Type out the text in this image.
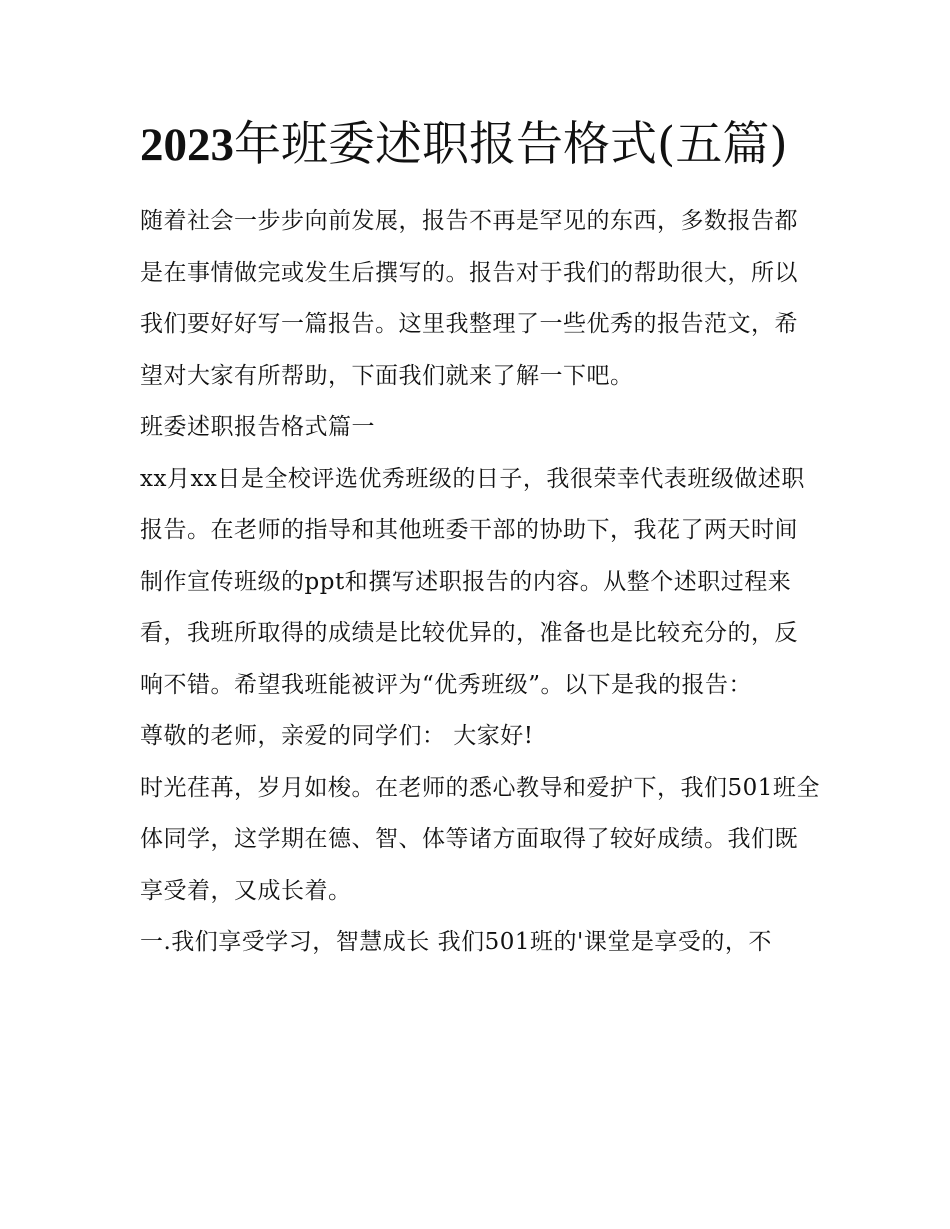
2023年班委述职报告格式(五篇)

随着社会一步步向前发展，报告不再是罕见的东西，多数报告都是在事情做完或发生后撰写的。报告对于我们的帮助很大，所以我们要好好写一篇报告。这里我整理了一些优秀的报告范文，希望对大家有所帮助，下面我们就来了解一下吧。

班委述职报告格式篇一

xx月xx日是全校评选优秀班级的日子，我很荣幸代表班级做述职报告。在老师的指导和其他班委干部的协助下，我花了两天时间制作宣传班级的ppt和撰写述职报告的内容。从整个述职过程来看，我班所取得的成绩是比较优异的，准备也是比较充分的，反响不错。希望我班能被评为“优秀班级”。以下是我的报告：

尊敬的老师，亲爱的同学们： 大家好!

时光荏苒，岁月如梭。在老师的悉心教导和爱护下，我们501班全体同学，这学期在德、智、体等诸方面取得了较好成绩。我们既享受着，又成长着。

一.我们享受学习，智慧成长 我们501班的'课堂是享受的，不
